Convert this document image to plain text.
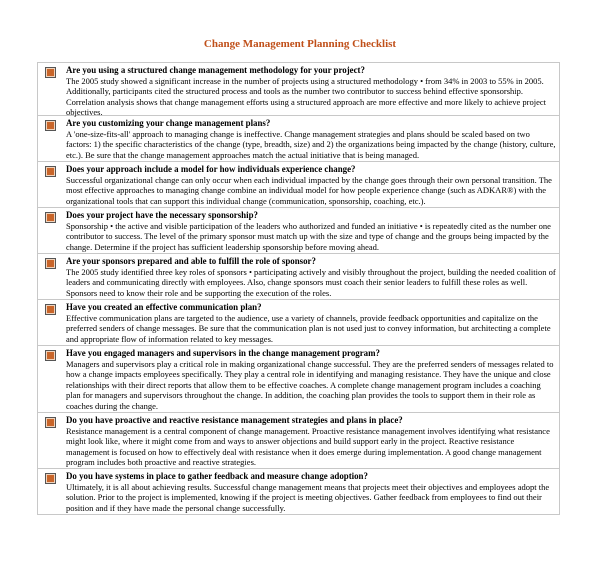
Change Management Planning Checklist
Are you using a structured change management methodology for your project?
The 2005 study showed a significant increase in the number of projects using a structured methodology • from 34% in 2003 to 55% in 2005. Additionally, participants cited the structured process and tools as the number two contributor to success behind effective sponsorship. Correlation analysis shows that change management efforts using a structured approach are more effective and more likely to achieve project objectives.
Are you customizing your change management plans?
A 'one-size-fits-all' approach to managing change is ineffective. Change management strategies and plans should be scaled based on two factors: 1) the specific characteristics of the change (type, breadth, size) and 2) the organizations being impacted by the change (history, culture, etc.). Be sure that the change management approaches match the actual initiative that is being managed.
Does your approach include a model for how individuals experience change?
Successful organizational change can only occur when each individual impacted by the change goes through their own personal transition. The most effective approaches to managing change combine an individual model for how people experience change (such as ADKAR®) with the organizational tools that can support this individual change (communication, sponsorship, coaching, etc.).
Does your project have the necessary sponsorship?
Sponsorship • the active and visible participation of the leaders who authorized and funded an initiative • is repeatedly cited as the number one contributor to success. The level of the primary sponsor must match up with the size and type of change and the groups being impacted by the change. Determine if the project has sufficient leadership sponsorship before moving ahead.
Are your sponsors prepared and able to fulfill the role of sponsor?
The 2005 study identified three key roles of sponsors • participating actively and visibly throughout the project, building the needed coalition of leaders and communicating directly with employees. Also, change sponsors must coach their senior leaders to fulfill these roles as well. Sponsors need to know their role and be supporting the execution of the roles.
Have you created an effective communication plan?
Effective communication plans are targeted to the audience, use a variety of channels, provide feedback opportunities and capitalize on the preferred senders of change messages. Be sure that the communication plan is not used just to convey information, but architecting a complete and appropriate flow of information related to key messages.
Have you engaged managers and supervisors in the change management program?
Managers and supervisors play a critical role in making organizational change successful. They are the preferred senders of messages related to how a change impacts employees specifically. They play a central role in identifying and managing resistance. They have the unique and close relationships with their direct reports that allow them to be effective coaches. A complete change management program includes a coaching plan for managers and supervisors throughout the change. In addition, the coaching plan provides the tools to support them in their role as coaches during the change.
Do you have proactive and reactive resistance management strategies and plans in place?
Resistance management is a central component of change management. Proactive resistance management involves identifying what resistance might look like, where it might come from and ways to answer objections and build support early in the project. Reactive resistance management is focused on how to effectively deal with resistance when it does emerge during implementation. A good change management program includes both proactive and reactive strategies.
Do you have systems in place to gather feedback and measure change adoption?
Ultimately, it is all about achieving results. Successful change management means that projects meet their objectives and employees adopt the solution. Prior to the project is implemented, knowing if the project is meeting objectives. Gather feedback from employees to find out their position and if they have made the personal change successfully.
